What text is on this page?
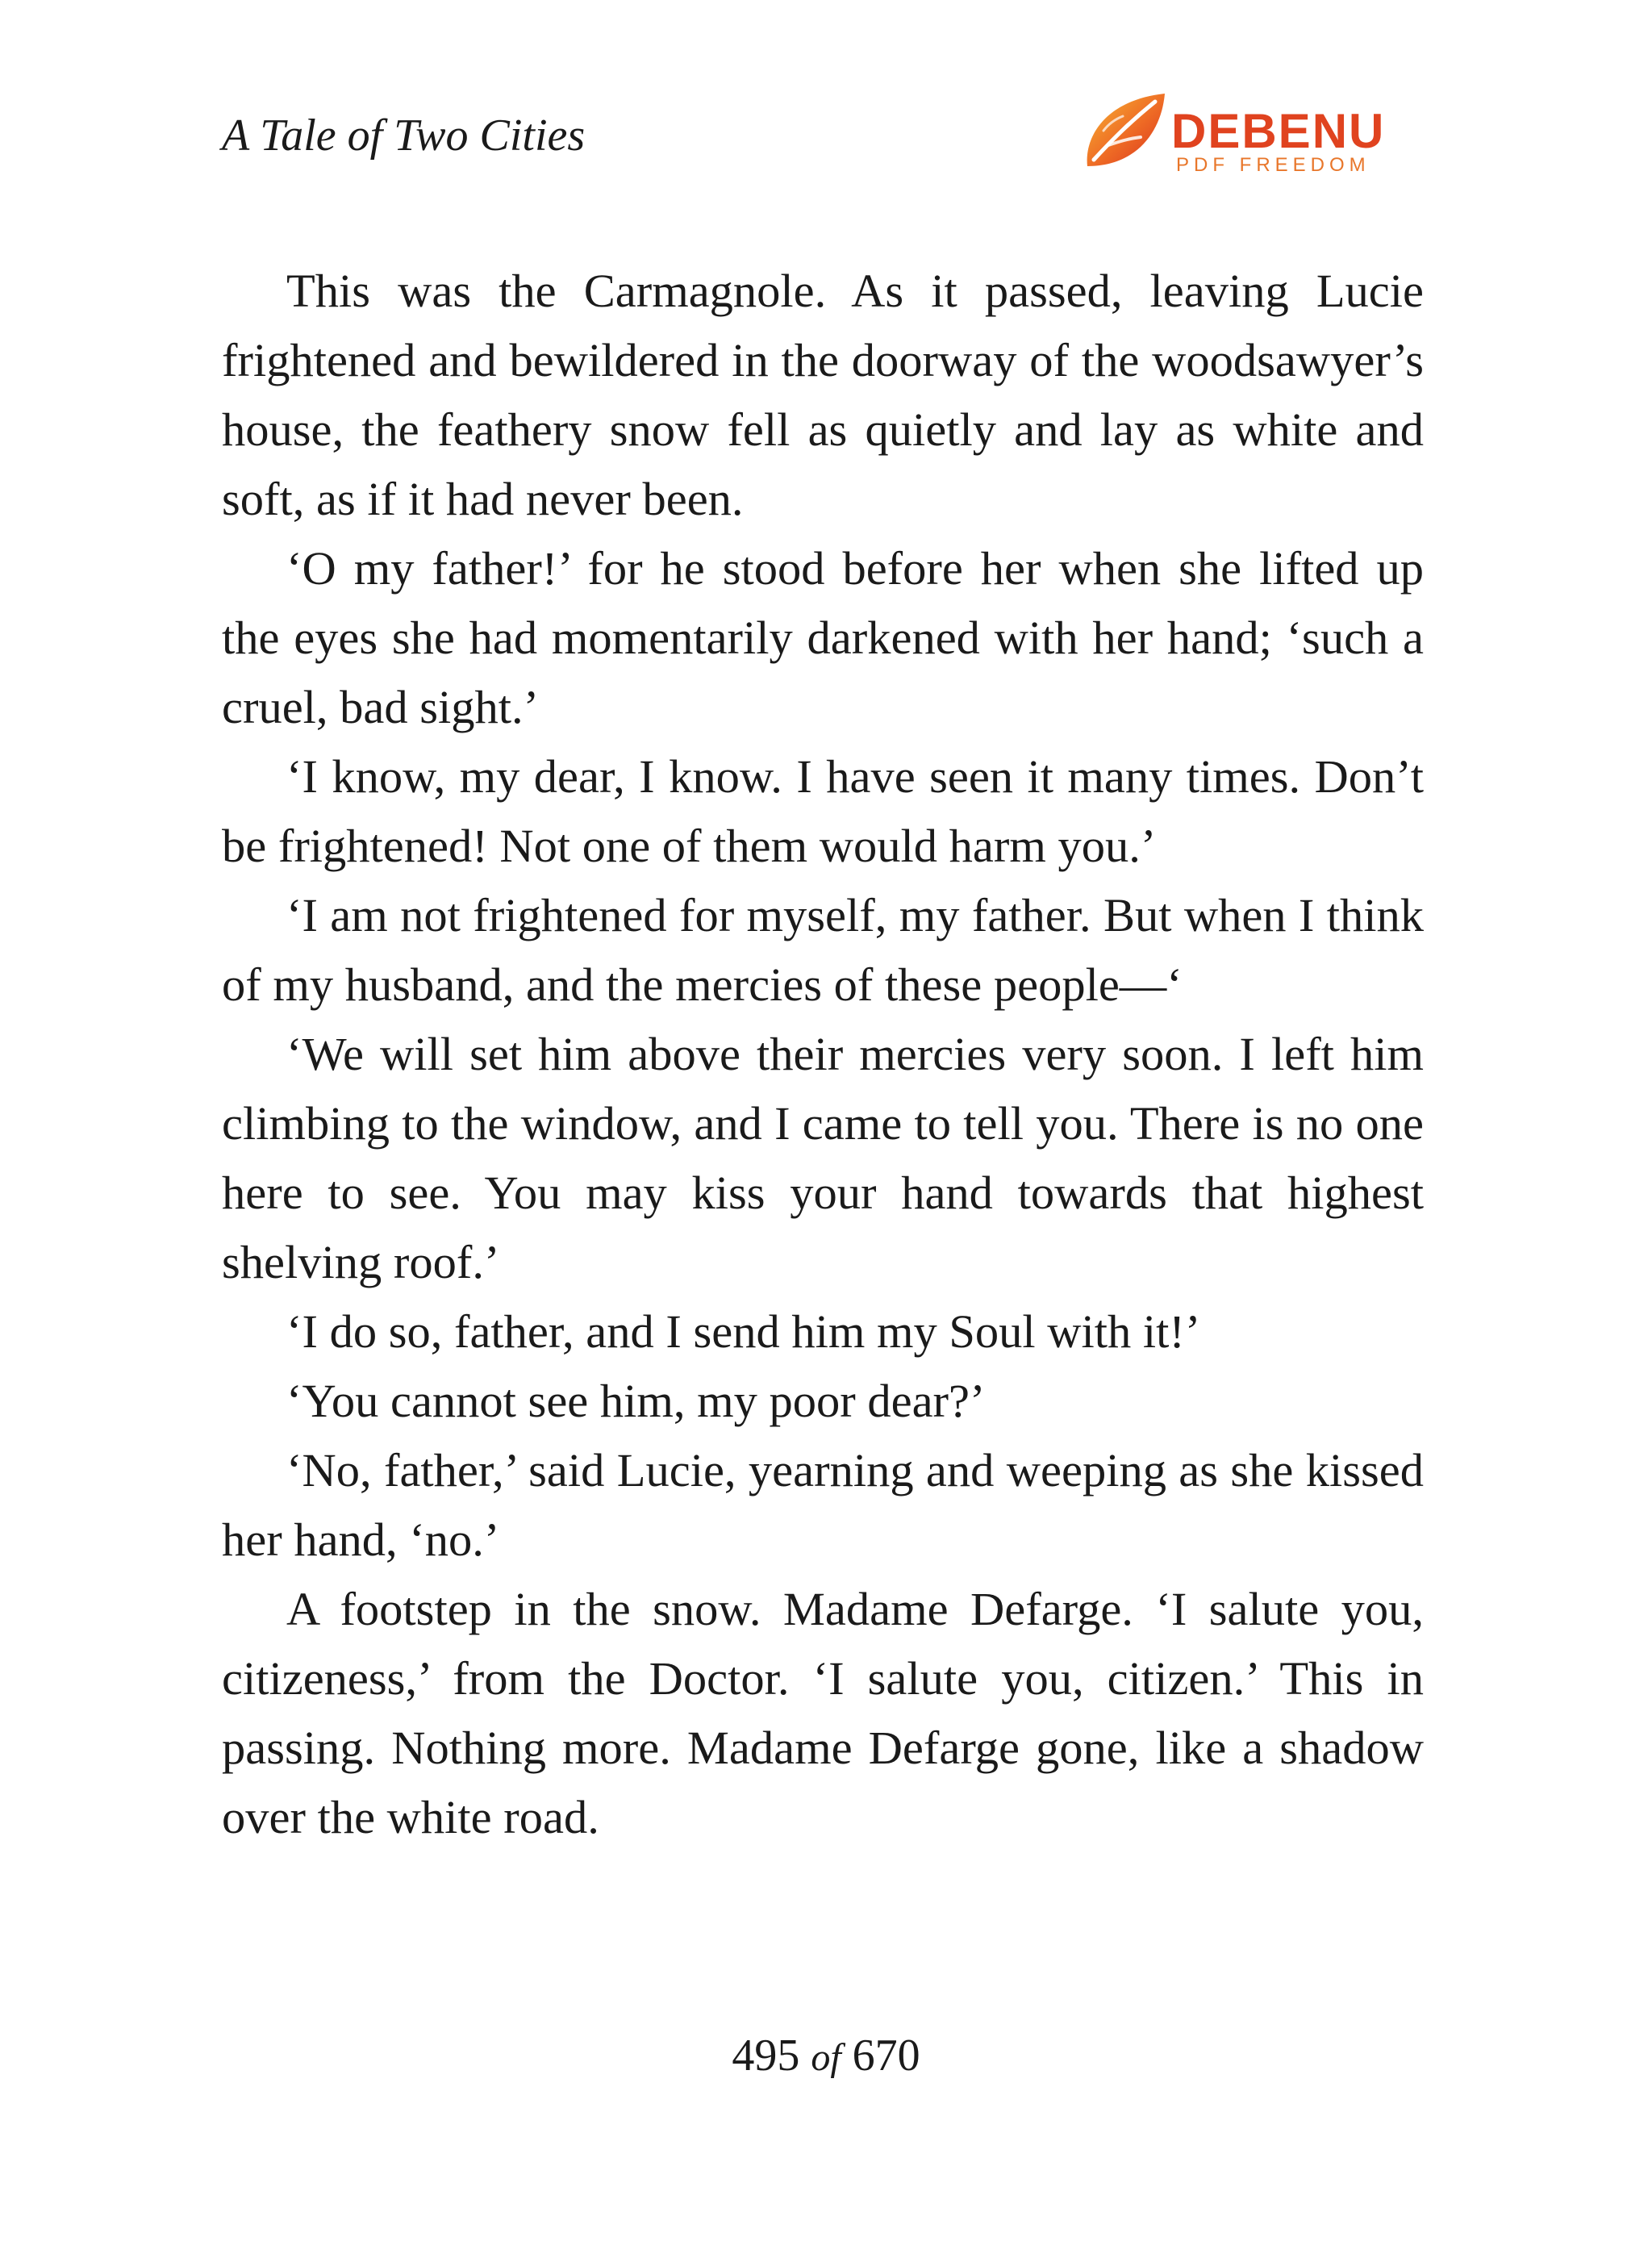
A Tale of Two Cities	DEBENU
PDF FREEDOM

This was the Carmagnole. As it passed, leaving Lucie frightened and bewildered in the doorway of the woodsawyer’s house, the feathery snow fell as quietly and lay as white and soft, as if it had never been.

‘O my father!’ for he stood before her when she lifted up the eyes she had momentarily darkened with her hand; ‘such a cruel, bad sight.’

‘I know, my dear, I know. I have seen it many times. Don’t be frightened! Not one of them would harm you.’

‘I am not frightened for myself, my father. But when I think of my husband, and the mercies of these people—‘

‘We will set him above their mercies very soon. I left him climbing to the window, and I came to tell you. There is no one here to see. You may kiss your hand towards that highest shelving roof.’

‘I do so, father, and I send him my Soul with it!’

‘You cannot see him, my poor dear?’

‘No, father,’ said Lucie, yearning and weeping as she kissed her hand, ‘no.’

A footstep in the snow. Madame Defarge. ‘I salute you, citizeness,’ from the Doctor. ‘I salute you, citizen.’ This in passing. Nothing more. Madame Defarge gone, like a shadow over the white road.

495 of 670
